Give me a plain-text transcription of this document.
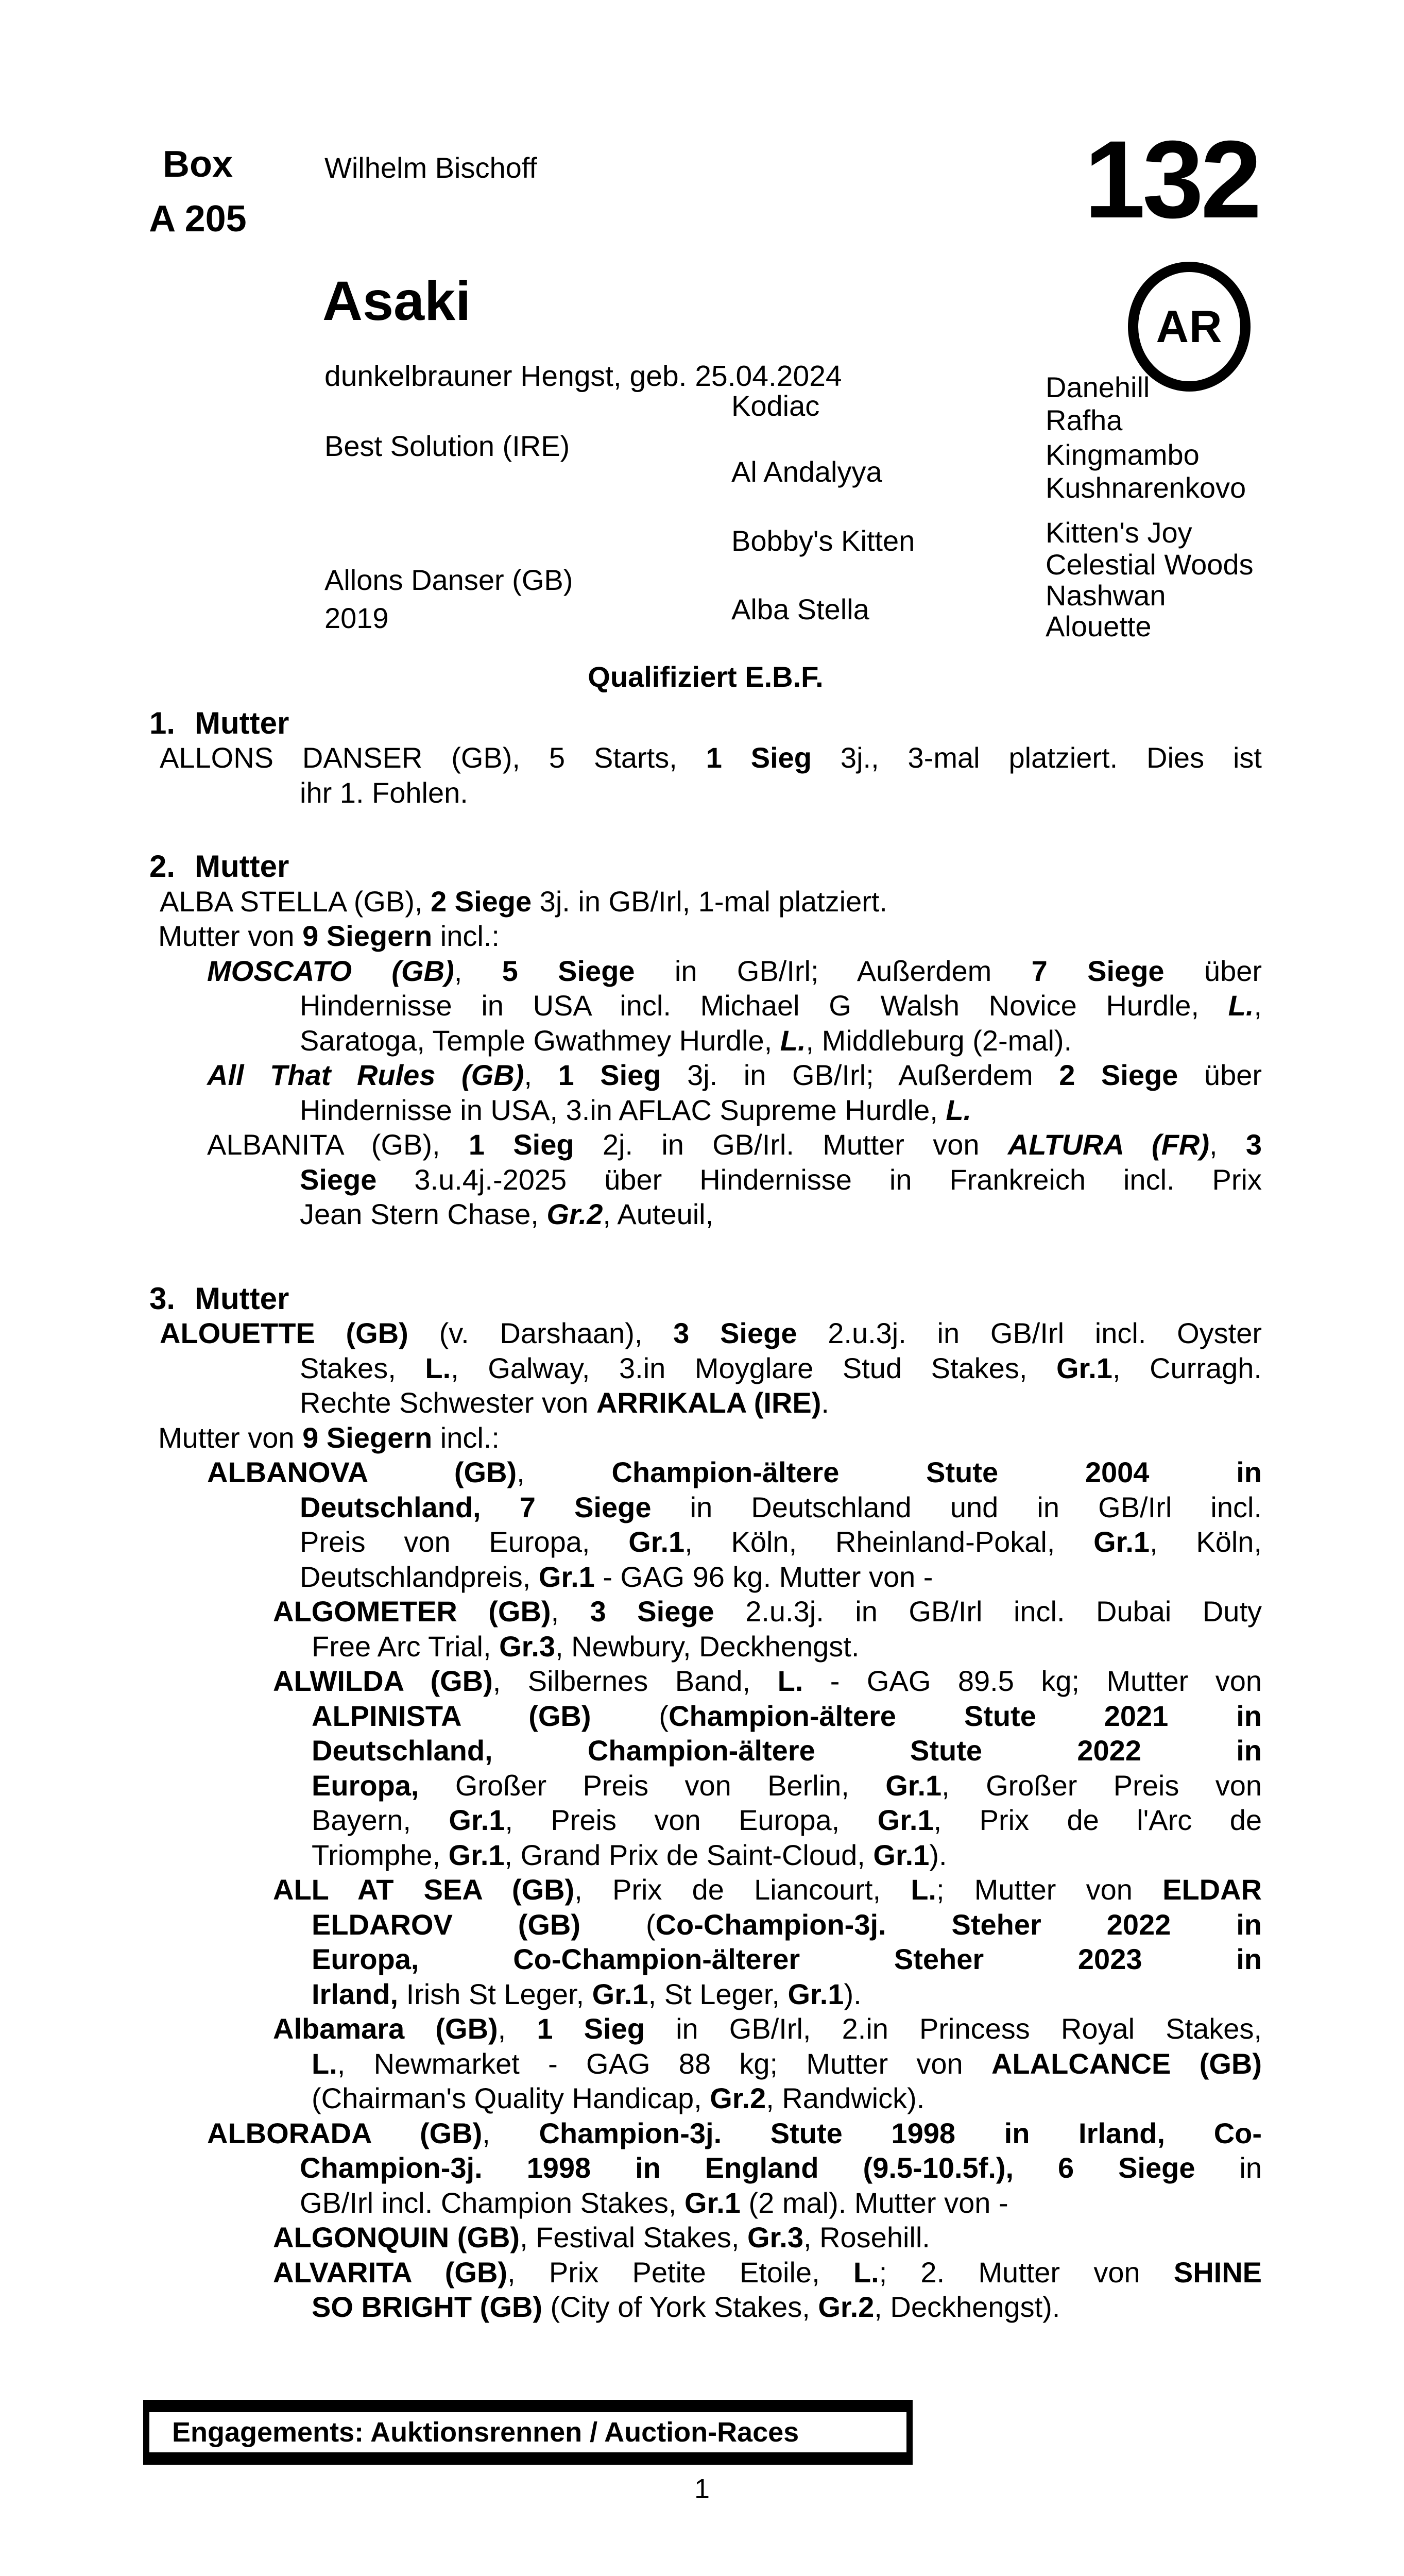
Box
A 205
Wilhelm Bischoff	132
AR
Asaki
dunkelbrauner Hengst, geb. 25.04.2024
Best Solution (IRE)
Allons Danser (GB)
2019
Kodiac
Al Andalyya
Bobby's Kitten
Alba Stella
Danehill
Rafha
Kingmambo
Kushnarenkovo
Kitten's Joy
Celestial Woods
Nashwan
Alouette
Qualifiziert E.B.F.
1. Mutter
ALLONS DANSER (GB), 5 Starts, 1 Sieg 3j., 3-mal platziert. Dies ist
ihr 1. Fohlen.
2. Mutter
ALBA STELLA (GB), 2 Siege 3j. in GB/Irl, 1-mal platziert.
Mutter von 9 Siegern incl.:
MOSCATO (GB), 5 Siege in GB/Irl; Außerdem 7 Siege über
Hindernisse in USA incl. Michael G Walsh Novice Hurdle, L.,
Saratoga, Temple Gwathmey Hurdle, L., Middleburg (2-mal).
All That Rules (GB), 1 Sieg 3j. in GB/Irl; Außerdem 2 Siege über
Hindernisse in USA, 3.in AFLAC Supreme Hurdle, L.
ALBANITA (GB), 1 Sieg 2j. in GB/Irl. Mutter von ALTURA (FR), 3
Siege 3.u.4j.-2025 über Hindernisse in Frankreich incl. Prix
Jean Stern Chase, Gr.2, Auteuil,
3. Mutter
ALOUETTE (GB) (v. Darshaan), 3 Siege 2.u.3j. in GB/Irl incl. Oyster
Stakes, L., Galway, 3.in Moyglare Stud Stakes, Gr.1, Curragh.
Rechte Schwester von ARRIKALA (IRE).
Mutter von 9 Siegern incl.:
ALBANOVA (GB), Champion-ältere Stute 2004 in
Deutschland, 7 Siege in Deutschland und in GB/Irl incl.
Preis von Europa, Gr.1, Köln, Rheinland-Pokal, Gr.1, Köln,
Deutschlandpreis, Gr.1 - GAG 96 kg. Mutter von -
ALGOMETER (GB), 3 Siege 2.u.3j. in GB/Irl incl. Dubai Duty
Free Arc Trial, Gr.3, Newbury, Deckhengst.
ALWILDA (GB), Silbernes Band, L. - GAG 89.5 kg; Mutter von
ALPINISTA (GB) (Champion-ältere Stute 2021 in
Deutschland, Champion-ältere Stute 2022 in
Europa, Großer Preis von Berlin, Gr.1, Großer Preis von
Bayern, Gr.1, Preis von Europa, Gr.1, Prix de l'Arc de
Triomphe, Gr.1, Grand Prix de Saint-Cloud, Gr.1).
ALL AT SEA (GB), Prix de Liancourt, L.; Mutter von ELDAR
ELDAROV (GB) (Co-Champion-3j. Steher 2022 in
Europa, Co-Champion-älterer Steher 2023 in
Irland, Irish St Leger, Gr.1, St Leger, Gr.1).
Albamara (GB), 1 Sieg in GB/Irl, 2.in Princess Royal Stakes,
L., Newmarket - GAG 88 kg; Mutter von ALALCANCE (GB)
(Chairman's Quality Handicap, Gr.2, Randwick).
ALBORADA (GB), Champion-3j. Stute 1998 in Irland, Co-
Champion-3j. 1998 in England (9.5-10.5f.), 6 Siege in
GB/Irl incl. Champion Stakes, Gr.1 (2 mal). Mutter von -
ALGONQUIN (GB), Festival Stakes, Gr.3, Rosehill.
ALVARITA (GB), Prix Petite Etoile, L.; 2. Mutter von SHINE
SO BRIGHT (GB) (City of York Stakes, Gr.2, Deckhengst).
Engagements: Auktionsrennen / Auction-Races
1
